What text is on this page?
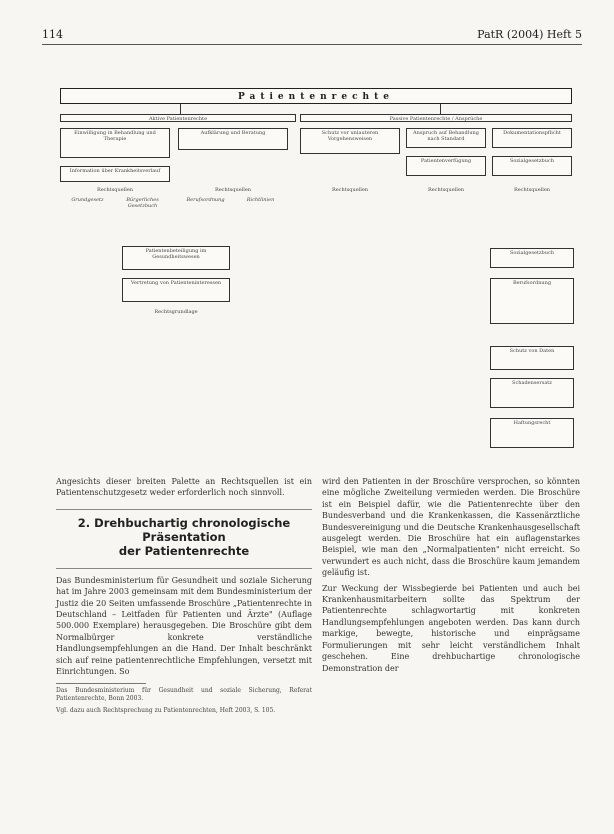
114	PatR (2004) Heft 5
Patientenrechte
Aktive Patientenrechte	Passive Patientenrechte / Ansprüche
Einwilligung in Behandlung und Therapie
Aufklärung und Beratung
Information über Krankheitsverlauf
Rechtsquellen
Grundgesetz	Bürgerliches Gesetzbuch
Rechtsquellen
Berufsordnung	Richtlinien
Schutz vor unlauteren Vorgehensweisen
Anspruch auf Behandlung nach Standard
Dokumentationspflicht
Patientenverfügung	Sozialgesetzbuch
Rechtsquellen	Rechtsquellen	Rechtsquellen
Patientenbeteiligung im Gesundheitswesen
Vertretung von Patienteninteressen
Rechtsgrundlage
Sozialgesetzbuch
Berufsordnung
Schutz von Daten
Schadensersatz
Haftungsrecht

Angesichts dieser breiten Palette an Rechtsquellen ist ein Patientenschutzgesetz weder erforderlich noch sinnvoll.

2. Drehbuchartig chronologische Präsentation
der Patientenrechte

Das Bundesministerium für Gesundheit und soziale Sicherung hat im Jahre 2003 gemeinsam mit dem Bundesministerium der Justiz die 20 Seiten umfassende Broschüre „Patientenrechte in Deutschland – Leitfaden für Patienten und Ärzte" (Auflage 500.000 Exemplare) herausgegeben. Die Broschüre gibt dem Normalbürger konkrete verständliche Handlungsempfehlungen an die Hand. Der Inhalt beschränkt sich auf reine patientenrechtliche Empfehlungen, versetzt mit Einrichtungen. So

Das Bundesministerium für Gesundheit und soziale Sicherung, Referat Patientenrechte, Bonn 2003.

Vgl. dazu auch Rechtsprechung zu Patientenrechten, Heft 2003, S. 105.

wird den Patienten in der Broschüre versprochen, so könnten eine mögliche Zweiteilung vermieden werden. Die Broschüre ist ein Beispiel dafür, wie die Patientenrechte über den Bundesverband und die Krankenkassen, die Kassenärztliche Bundesvereinigung und die Deutsche Krankenhausgesellschaft ausgelegt werden. Die Broschüre hat ein auflagenstarkes Beispiel, wie man den „Normalpatienten" nicht erreicht. So verwundert es auch nicht, dass die Broschüre kaum jemandem geläufig ist.

Zur Weckung der Wissbegierde bei Patienten und auch bei Krankenhausmitarbeitern sollte das Spektrum der Patientenrechte schlagwortartig mit konkreten Handlungsempfehlungen angeboten werden. Das kann durch markige, bewegte, historische und einprägsame Formulierungen mit sehr leicht verständlichem Inhalt geschehen. Eine drehbuchartige chronologische Demonstration der
